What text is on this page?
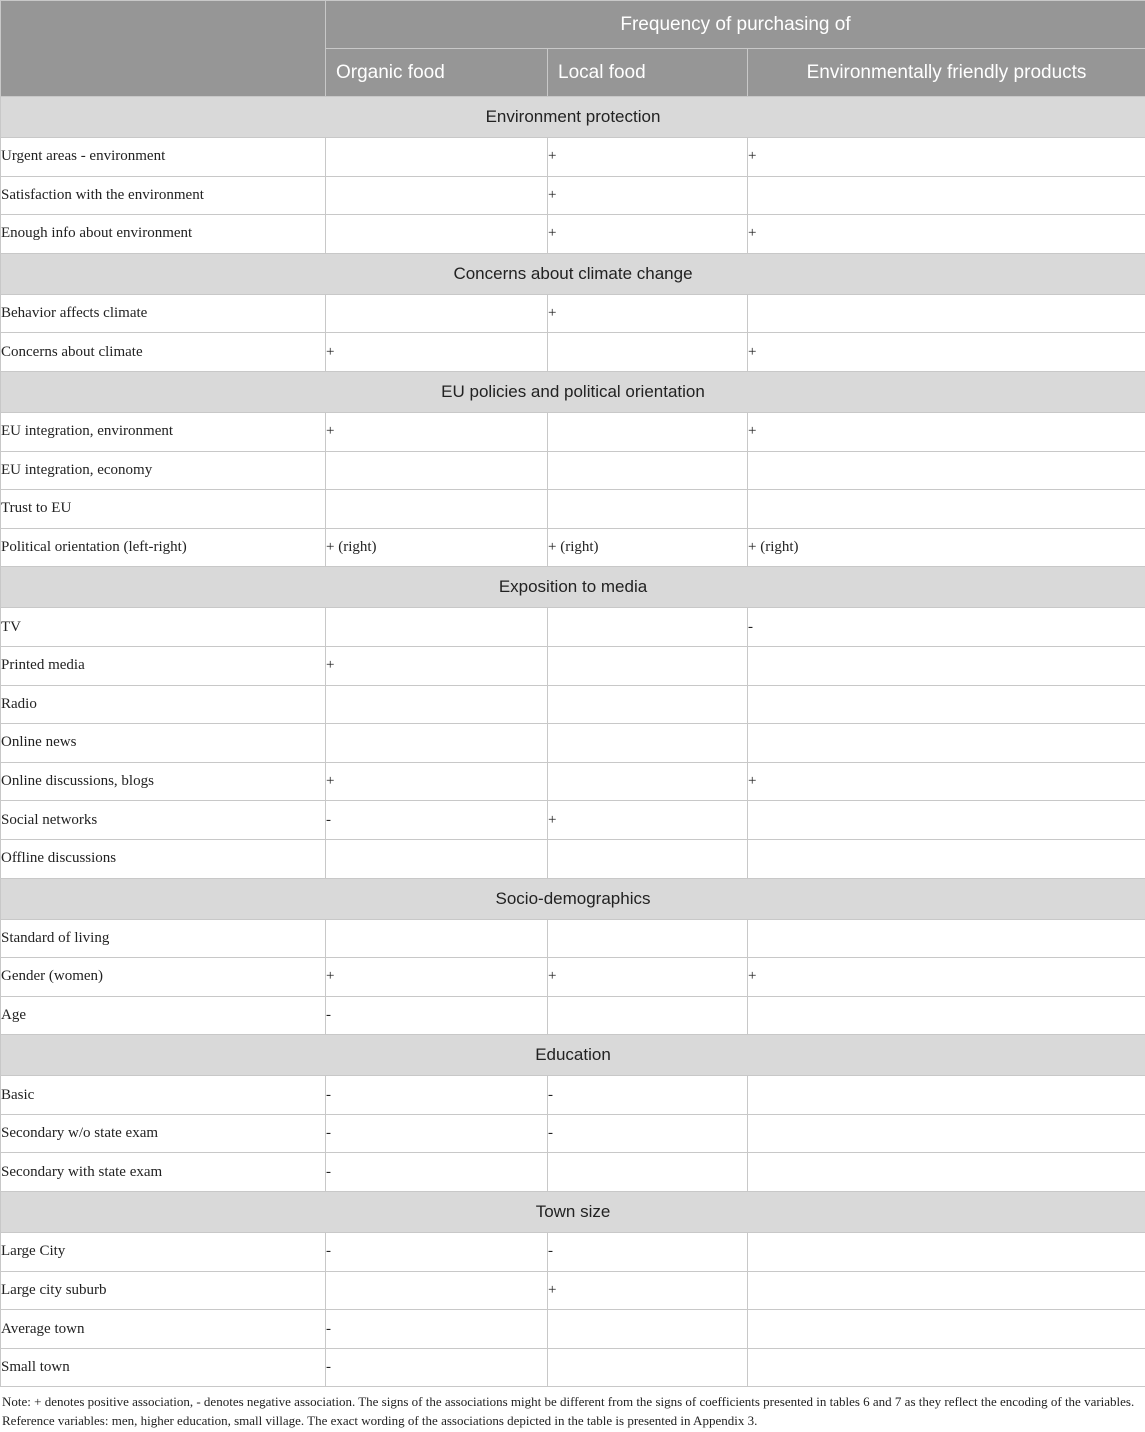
	Frequency of purchasing of		
	Organic food	Local food	Environmentally friendly products
Environment protection			
Urgent areas - environment		+	+
Satisfaction with the environment		+	
Enough info about environment		+	+
Concerns about climate change			
Behavior affects climate		+	
Concerns about climate	+		+
EU policies and political orientation			
EU integration, environment	+		+
EU integration, economy			
Trust to EU			
Political orientation (left-right)	+ (right)	+ (right)	+ (right)
Exposition to media			
TV			-
Printed media	+		
Radio			
Online news			
Online discussions, blogs	+		+
Social networks	-	+	
Offline discussions			
Socio-demographics			
Standard of living			
Gender (women)	+	+	+
Age	-		
Education			
Basic	-	-	
Secondary w/o state exam	-	-	
Secondary with state exam	-		
Town size			
Large City	-	-	
Large city suburb		+	
Average town	-		
Small town	-		
Note: + denotes positive association, - denotes negative association. The signs of the associations might be different from the signs of coefficients presented in tables 6 and 7 as they reflect the encoding of the variables. Reference variables: men, higher education, small village. The exact wording of the associations depicted in the table is presented in Appendix 3.
